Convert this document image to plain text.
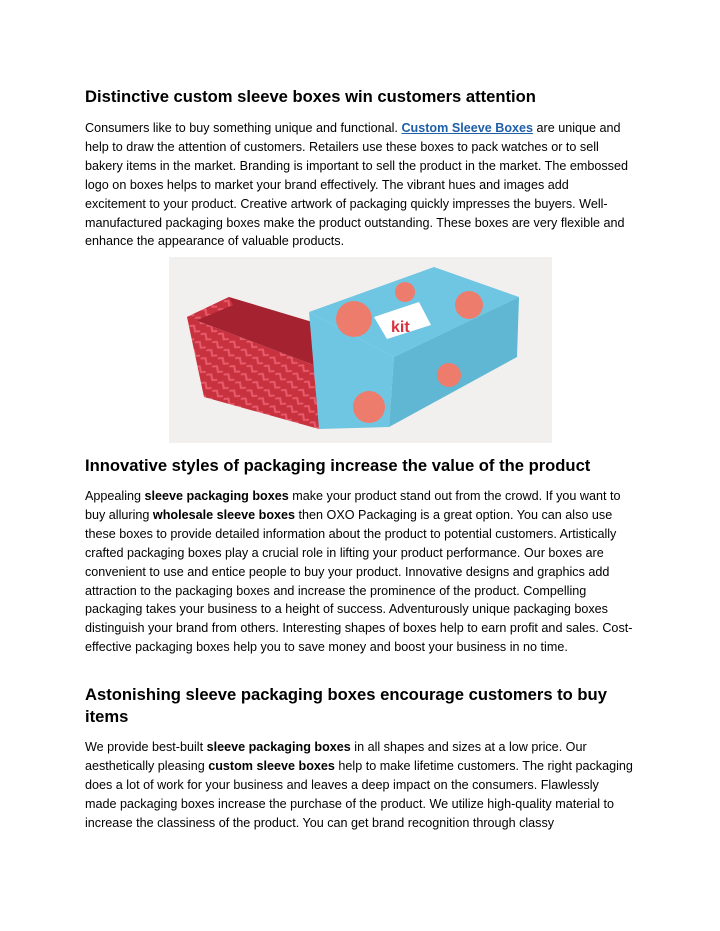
Distinctive custom sleeve boxes win customers attention

Consumers like to buy something unique and functional. Custom Sleeve Boxes are unique and help to draw the attention of customers. Retailers use these boxes to pack watches or to sell bakery items in the market. Branding is important to sell the product in the market. The embossed logo on boxes helps to market your brand effectively. The vibrant hues and images add excitement to your product. Creative artwork of packaging quickly impresses the buyers. Well-manufactured packaging boxes make the product outstanding. These boxes are very flexible and enhance the appearance of valuable products.

kit
Innovative styles of packaging increase the value of the product

Appealing sleeve packaging boxes make your product stand out from the crowd. If you want to buy alluring wholesale sleeve boxes then OXO Packaging is a great option. You can also use these boxes to provide detailed information about the product to potential customers. Artistically crafted packaging boxes play a crucial role in lifting your product performance. Our boxes are convenient to use and entice people to buy your product. Innovative designs and graphics add attraction to the packaging boxes and increase the prominence of the product. Compelling packaging takes your business to a height of success. Adventurously unique packaging boxes distinguish your brand from others. Interesting shapes of boxes help to earn profit and sales. Cost-effective packaging boxes help you to save money and boost your business in no time.

Astonishing sleeve packaging boxes encourage customers to buy items

We provide best-built sleeve packaging boxes in all shapes and sizes at a low price. Our aesthetically pleasing custom sleeve boxes help to make lifetime customers. The right packaging does a lot of work for your business and leaves a deep impact on the consumers. Flawlessly made packaging boxes increase the purchase of the product. We utilize high-quality material to increase the classiness of the product. You can get brand recognition through classy
